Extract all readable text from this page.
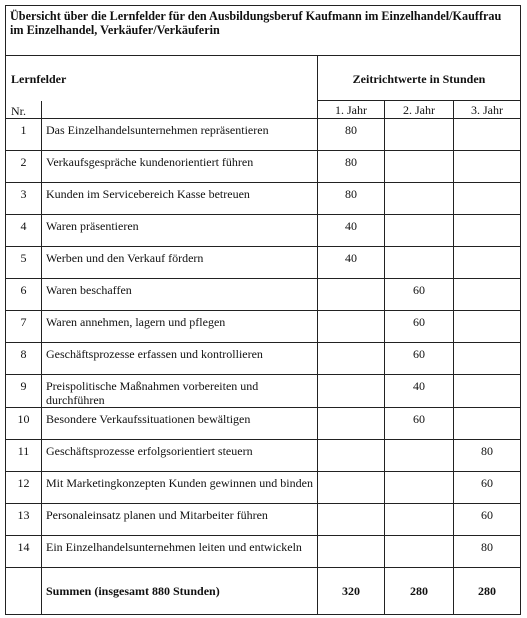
Übersicht über die Lernfelder für den Ausbildungsberuf Kaufmann im Einzelhandel/Kauffrau im Einzelhandel, Verkäufer/Verkäuferin				
Lernfelder		Zeitrichtwerte in Stunden		
Nr.		1. Jahr	2. Jahr	3. Jahr
1	Das Einzelhandelsunternehmen repräsentieren	80		
2	Verkaufsgespräche kundenorientiert führen	80		
3	Kunden im Servicebereich Kasse betreuen	80		
4	Waren präsentieren	40		
5	Werben und den Verkauf fördern	40		
6	Waren beschaffen		60	
7	Waren annehmen, lagern und pflegen		60	
8	Geschäftsprozesse erfassen und kontrollieren		60	
9	Preispolitische Maßnahmen vorbereiten und durchführen		40	
10	Besondere Verkaufssituationen bewältigen		60	
11	Geschäftsprozesse erfolgsorientiert steuern			80
12	Mit Marketingkonzepten Kunden gewinnen und binden			60
13	Personaleinsatz planen und Mitarbeiter führen			60
14	Ein Einzelhandelsunternehmen leiten und entwickeln			80
	Summen (insgesamt 880 Stunden)	320	280	280
